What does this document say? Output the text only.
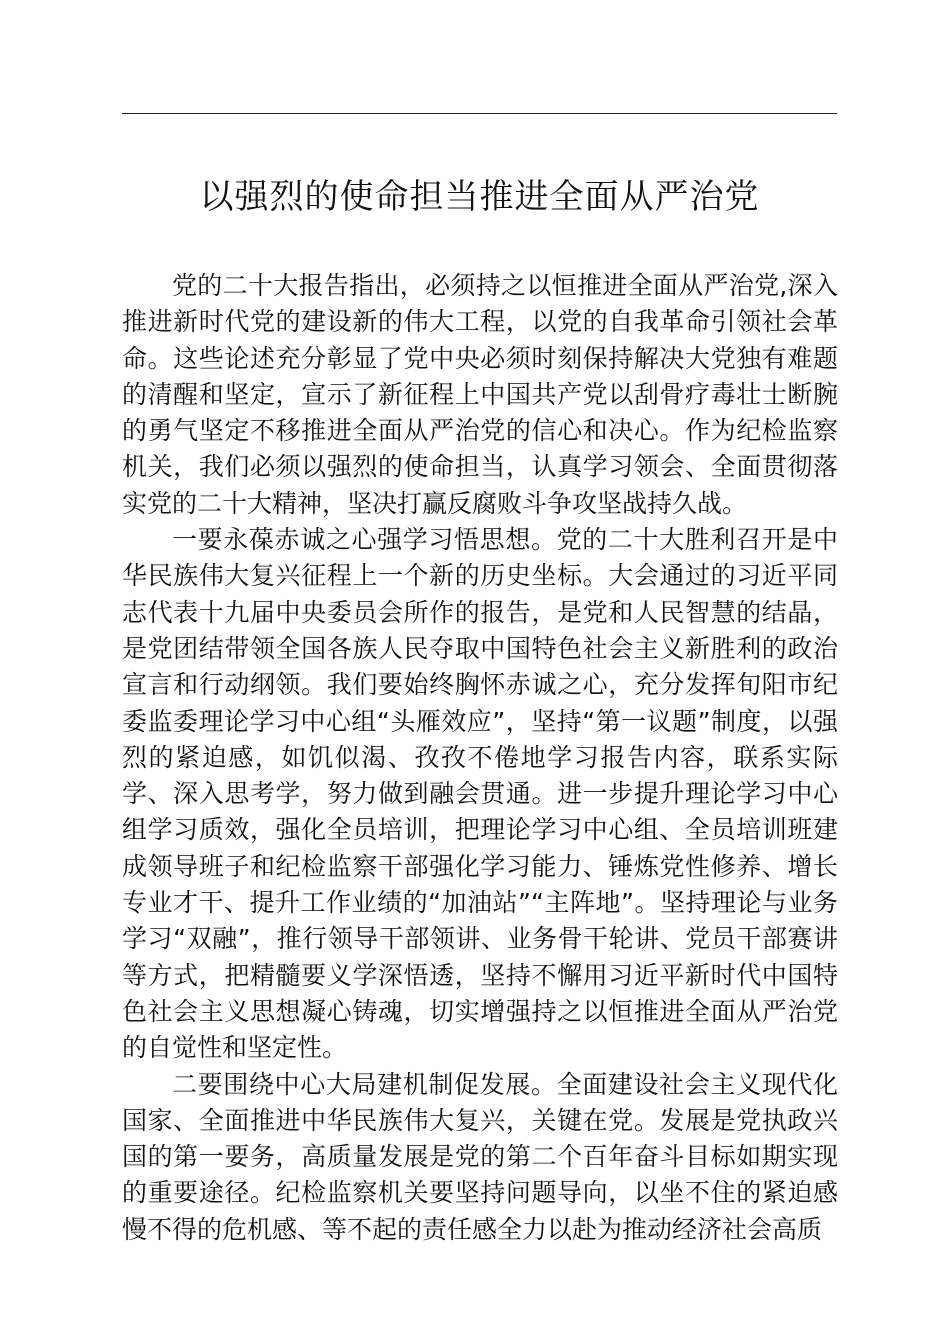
以强烈的使命担当推进全面从严治党

党的二十大报告指出，必须持之以恒推进全面从严治党,深入推进新时代党的建设新的伟大工程，以党的自我革命引领社会革命。这些论述充分彰显了党中央必须时刻保持解决大党独有难题的清醒和坚定，宣示了新征程上中国共产党以刮骨疗毒壮士断腕的勇气坚定不移推进全面从严治党的信心和决心。作为纪检监察机关，我们必须以强烈的使命担当，认真学习领会、全面贯彻落实党的二十大精神，坚决打赢反腐败斗争攻坚战持久战。

一要永葆赤诚之心强学习悟思想。党的二十大胜利召开是中华民族伟大复兴征程上一个新的历史坐标。大会通过的习近平同志代表十九届中央委员会所作的报告，是党和人民智慧的结晶，是党团结带领全国各族人民夺取中国特色社会主义新胜利的政治宣言和行动纲领。我们要始终胸怀赤诚之心，充分发挥旬阳市纪委监委理论学习中心组“头雁效应”，坚持“第一议题”制度，以强烈的紧迫感，如饥似渴、孜孜不倦地学习报告内容，联系实际学、深入思考学，努力做到融会贯通。进一步提升理论学习中心组学习质效，强化全员培训，把理论学习中心组、全员培训班建成领导班子和纪检监察干部强化学习能力、锤炼党性修养、增长专业才干、提升工作业绩的“加油站”“主阵地”。坚持理论与业务学习“双融”，推行领导干部领讲、业务骨干轮讲、党员干部赛讲等方式，把精髓要义学深悟透，坚持不懈用习近平新时代中国特色社会主义思想凝心铸魂，切实增强持之以恒推进全面从严治党的自觉性和坚定性。

二要围绕中心大局建机制促发展。全面建设社会主义现代化国家、全面推进中华民族伟大复兴，关键在党。发展是党执政兴国的第一要务，高质量发展是党的第二个百年奋斗目标如期实现的重要途径。纪检监察机关要坚持问题导向，以坐不住的紧迫感慢不得的危机感、等不起的责任感全力以赴为推动经济社会高质
